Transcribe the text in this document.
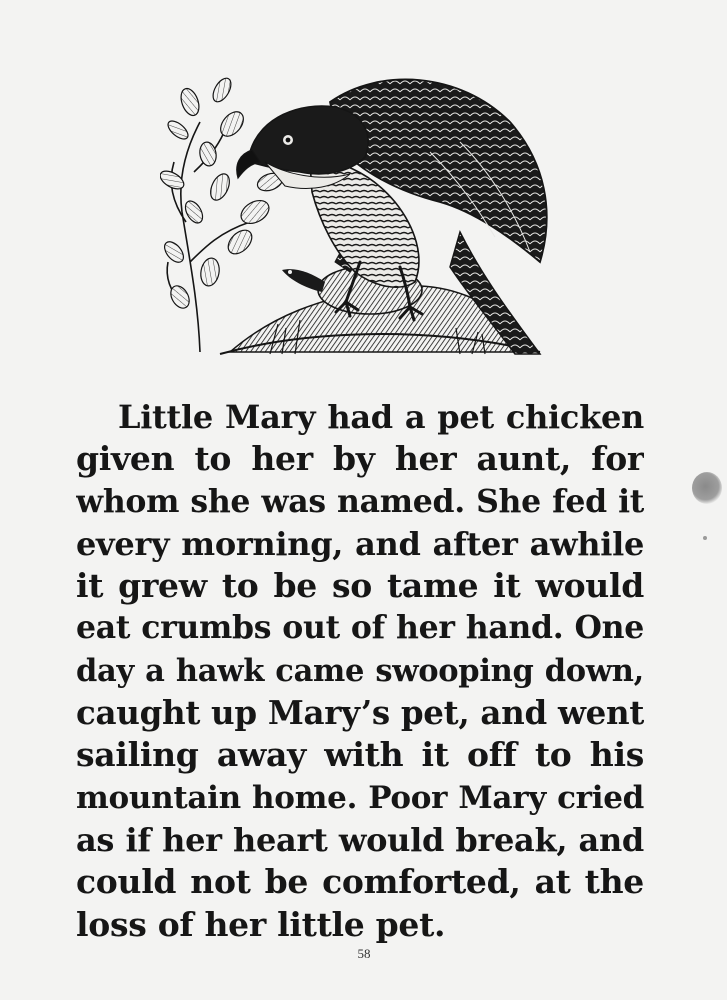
Little Mary had a pet chicken
given to her by her aunt, for
whom she was named. She fed it
every morning, and after awhile
it grew to be so tame it would
eat crumbs out of her hand. One
day a hawk came swooping down,
caught up Mary’s pet, and went
sailing away with it off to his
mountain home. Poor Mary cried
as if her heart would break, and
could not be comforted, at the
loss of her little pet.
58
